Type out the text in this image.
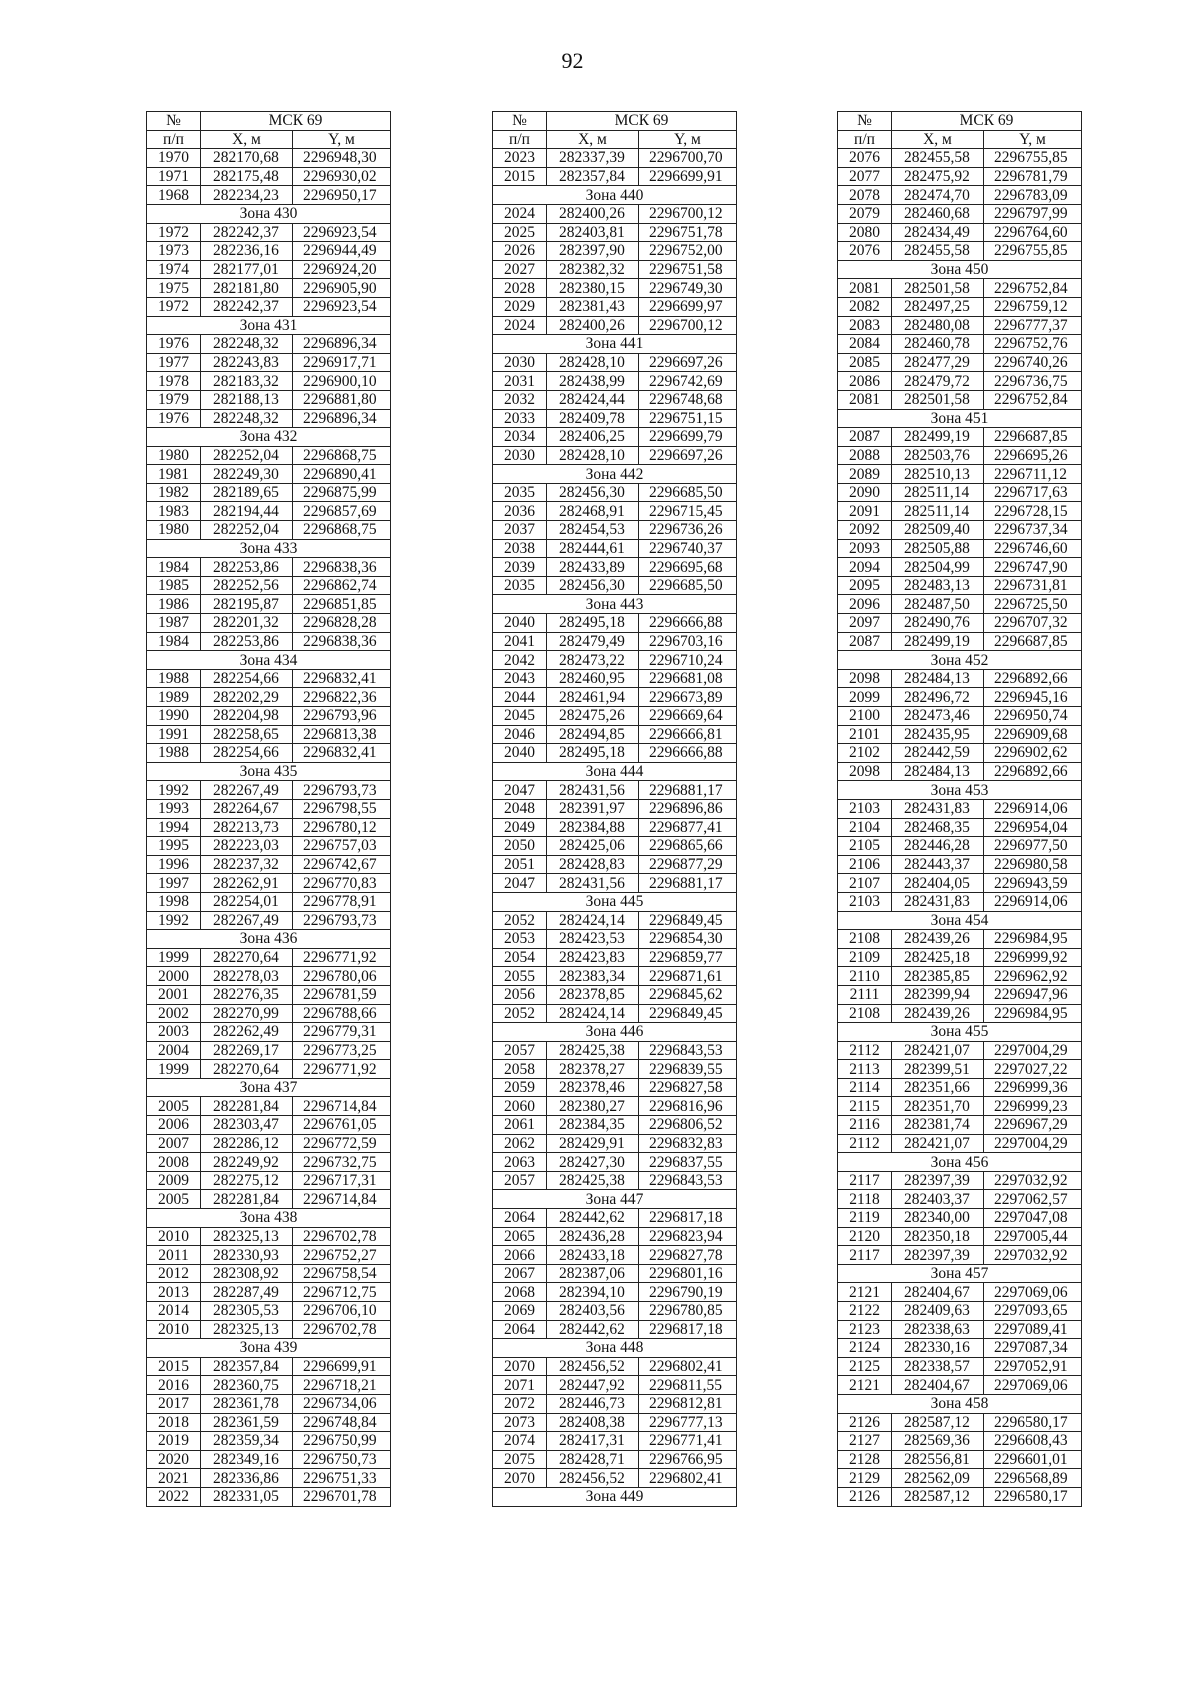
92
№	МСК 69	
п/п	X, м	Y, м
1970	282170,68	2296948,30
1971	282175,48	2296930,02
1968	282234,23	2296950,17
Зона 430		
1972	282242,37	2296923,54
1973	282236,16	2296944,49
1974	282177,01	2296924,20
1975	282181,80	2296905,90
1972	282242,37	2296923,54
Зона 431		
1976	282248,32	2296896,34
1977	282243,83	2296917,71
1978	282183,32	2296900,10
1979	282188,13	2296881,80
1976	282248,32	2296896,34
Зона 432		
1980	282252,04	2296868,75
1981	282249,30	2296890,41
1982	282189,65	2296875,99
1983	282194,44	2296857,69
1980	282252,04	2296868,75
Зона 433		
1984	282253,86	2296838,36
1985	282252,56	2296862,74
1986	282195,87	2296851,85
1987	282201,32	2296828,28
1984	282253,86	2296838,36
Зона 434		
1988	282254,66	2296832,41
1989	282202,29	2296822,36
1990	282204,98	2296793,96
1991	282258,65	2296813,38
1988	282254,66	2296832,41
Зона 435		
1992	282267,49	2296793,73
1993	282264,67	2296798,55
1994	282213,73	2296780,12
1995	282223,03	2296757,03
1996	282237,32	2296742,67
1997	282262,91	2296770,83
1998	282254,01	2296778,91
1992	282267,49	2296793,73
Зона 436		
1999	282270,64	2296771,92
2000	282278,03	2296780,06
2001	282276,35	2296781,59
2002	282270,99	2296788,66
2003	282262,49	2296779,31
2004	282269,17	2296773,25
1999	282270,64	2296771,92
Зона 437		
2005	282281,84	2296714,84
2006	282303,47	2296761,05
2007	282286,12	2296772,59
2008	282249,92	2296732,75
2009	282275,12	2296717,31
2005	282281,84	2296714,84
Зона 438		
2010	282325,13	2296702,78
2011	282330,93	2296752,27
2012	282308,92	2296758,54
2013	282287,49	2296712,75
2014	282305,53	2296706,10
2010	282325,13	2296702,78
Зона 439		
2015	282357,84	2296699,91
2016	282360,75	2296718,21
2017	282361,78	2296734,06
2018	282361,59	2296748,84
2019	282359,34	2296750,99
2020	282349,16	2296750,73
2021	282336,86	2296751,33
2022	282331,05	2296701,78
№	МСК 69	
п/п	X, м	Y, м
2023	282337,39	2296700,70
2015	282357,84	2296699,91
Зона 440		
2024	282400,26	2296700,12
2025	282403,81	2296751,78
2026	282397,90	2296752,00
2027	282382,32	2296751,58
2028	282380,15	2296749,30
2029	282381,43	2296699,97
2024	282400,26	2296700,12
Зона 441		
2030	282428,10	2296697,26
2031	282438,99	2296742,69
2032	282424,44	2296748,68
2033	282409,78	2296751,15
2034	282406,25	2296699,79
2030	282428,10	2296697,26
Зона 442		
2035	282456,30	2296685,50
2036	282468,91	2296715,45
2037	282454,53	2296736,26
2038	282444,61	2296740,37
2039	282433,89	2296695,68
2035	282456,30	2296685,50
Зона 443		
2040	282495,18	2296666,88
2041	282479,49	2296703,16
2042	282473,22	2296710,24
2043	282460,95	2296681,08
2044	282461,94	2296673,89
2045	282475,26	2296669,64
2046	282494,85	2296666,81
2040	282495,18	2296666,88
Зона 444		
2047	282431,56	2296881,17
2048	282391,97	2296896,86
2049	282384,88	2296877,41
2050	282425,06	2296865,66
2051	282428,83	2296877,29
2047	282431,56	2296881,17
Зона 445		
2052	282424,14	2296849,45
2053	282423,53	2296854,30
2054	282423,83	2296859,77
2055	282383,34	2296871,61
2056	282378,85	2296845,62
2052	282424,14	2296849,45
Зона 446		
2057	282425,38	2296843,53
2058	282378,27	2296839,55
2059	282378,46	2296827,58
2060	282380,27	2296816,96
2061	282384,35	2296806,52
2062	282429,91	2296832,83
2063	282427,30	2296837,55
2057	282425,38	2296843,53
Зона 447		
2064	282442,62	2296817,18
2065	282436,28	2296823,94
2066	282433,18	2296827,78
2067	282387,06	2296801,16
2068	282394,10	2296790,19
2069	282403,56	2296780,85
2064	282442,62	2296817,18
Зона 448		
2070	282456,52	2296802,41
2071	282447,92	2296811,55
2072	282446,73	2296812,81
2073	282408,38	2296777,13
2074	282417,31	2296771,41
2075	282428,71	2296766,95
2070	282456,52	2296802,41
Зона 449		
№	МСК 69	
п/п	X, м	Y, м
2076	282455,58	2296755,85
2077	282475,92	2296781,79
2078	282474,70	2296783,09
2079	282460,68	2296797,99
2080	282434,49	2296764,60
2076	282455,58	2296755,85
Зона 450		
2081	282501,58	2296752,84
2082	282497,25	2296759,12
2083	282480,08	2296777,37
2084	282460,78	2296752,76
2085	282477,29	2296740,26
2086	282479,72	2296736,75
2081	282501,58	2296752,84
Зона 451		
2087	282499,19	2296687,85
2088	282503,76	2296695,26
2089	282510,13	2296711,12
2090	282511,14	2296717,63
2091	282511,14	2296728,15
2092	282509,40	2296737,34
2093	282505,88	2296746,60
2094	282504,99	2296747,90
2095	282483,13	2296731,81
2096	282487,50	2296725,50
2097	282490,76	2296707,32
2087	282499,19	2296687,85
Зона 452		
2098	282484,13	2296892,66
2099	282496,72	2296945,16
2100	282473,46	2296950,74
2101	282435,95	2296909,68
2102	282442,59	2296902,62
2098	282484,13	2296892,66
Зона 453		
2103	282431,83	2296914,06
2104	282468,35	2296954,04
2105	282446,28	2296977,50
2106	282443,37	2296980,58
2107	282404,05	2296943,59
2103	282431,83	2296914,06
Зона 454		
2108	282439,26	2296984,95
2109	282425,18	2296999,92
2110	282385,85	2296962,92
2111	282399,94	2296947,96
2108	282439,26	2296984,95
Зона 455		
2112	282421,07	2297004,29
2113	282399,51	2297027,22
2114	282351,66	2296999,36
2115	282351,70	2296999,23
2116	282381,74	2296967,29
2112	282421,07	2297004,29
Зона 456		
2117	282397,39	2297032,92
2118	282403,37	2297062,57
2119	282340,00	2297047,08
2120	282350,18	2297005,44
2117	282397,39	2297032,92
Зона 457		
2121	282404,67	2297069,06
2122	282409,63	2297093,65
2123	282338,63	2297089,41
2124	282330,16	2297087,34
2125	282338,57	2297052,91
2121	282404,67	2297069,06
Зона 458		
2126	282587,12	2296580,17
2127	282569,36	2296608,43
2128	282556,81	2296601,01
2129	282562,09	2296568,89
2126	282587,12	2296580,17
